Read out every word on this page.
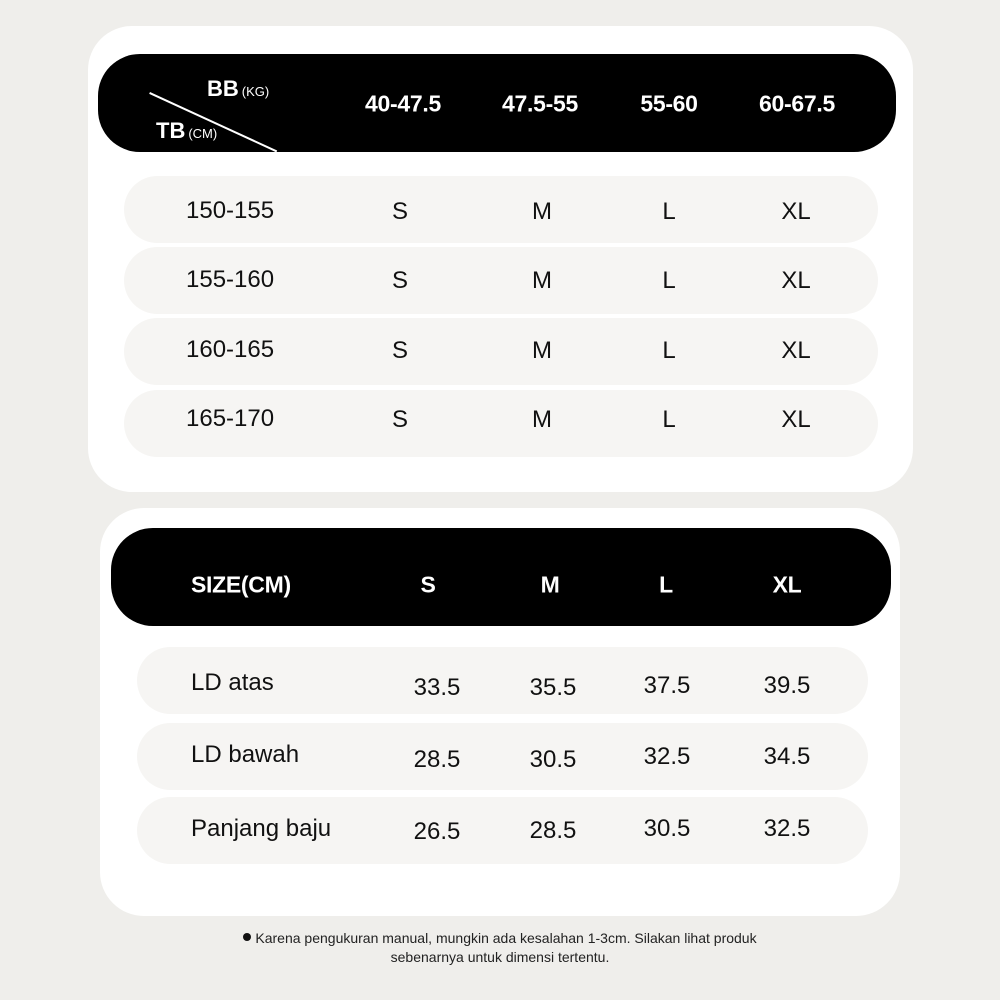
BB (KG)
TB (CM)
40-47.5	47.5-55	55-60	60-67.5
150-155	S	M	L	XL
155-160	S	M	L	XL
160-165	S	M	L	XL
165-170	S	M	L	XL
SIZE(CM)	S	M	L	XL
LD atas	33.5	35.5	37.5	39.5
LD bawah	28.5	30.5	32.5	34.5
Panjang baju	26.5	28.5	30.5	32.5
Karena pengukuran manual, mungkin ada kesalahan 1-3cm. Silakan lihat produk
sebenarnya untuk dimensi tertentu.
